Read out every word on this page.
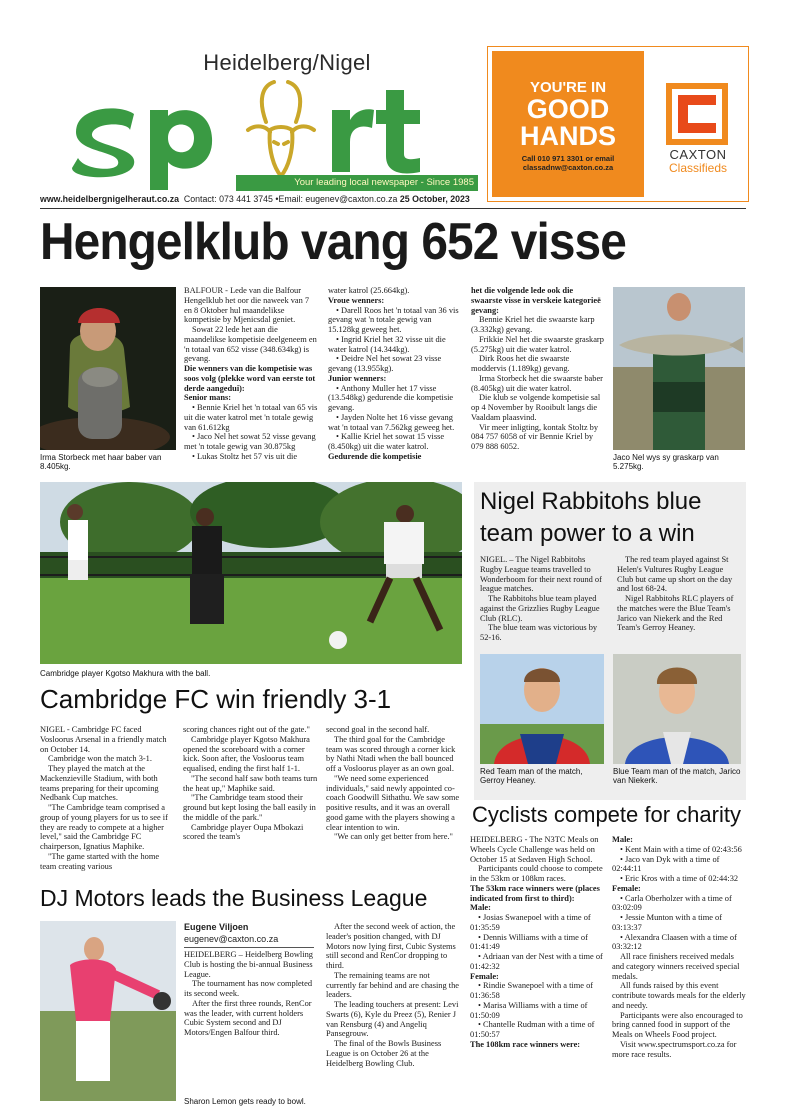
Heidelberg/Nigel
Your leading local newspaper - Since 1985
www.heidelbergnigelheraut.co.za Contact: 073 441 3745 •Email: eugenev@caxton.co.za 25 October, 2023
YOU'RE IN
GOOD
HANDS
Call 010 971 3301 or email
classadnw@caxton.co.za
CAXTON
Classifieds
Hengelklub vang 652 visse
Irma Storbeck met haar baber van 8.405kg.

BALFOUR - Lede van die Balfour Hengelklub het oor die naweek van 7 en 8 Oktober hul maandelikse kompetisie by Mjenicsdal geniet.

Sowat 22 lede het aan die maandelikse kompetisie deelgeneem en 'n totaal van 652 visse (348.634kg) is gevang.

Die wenners van die kompetisie was soos volg (plekke word van eerste tot derde aangedui):

Senior mans:

• Bennie Kriel het 'n totaal van 65 vis uit die water katrol met 'n totale gewig van 61.612kg

• Jaco Nel het sowat 52 visse gevang met 'n totale gewig van 30.875kg

• Lukas Stoltz het 57 vis uit die

water katrol (25.664kg).

Vroue wenners:

• Darell Roos het 'n totaal van 36 vis gevang wat 'n totale gewig van 15.128kg geweeg het.

• Ingrid Kriel het 32 visse uit die water katrol (14.344kg).

• Deidre Nel het sowat 23 visse gevang (13.955kg).

Junior wenners:

• Anthony Muller het 17 visse (13.548kg) gedurende die kompetisie gevang.

• Jayden Nolte het 16 visse gevang wat 'n totaal van 7.562kg geweeg het.

• Kallie Kriel het sowat 15 visse (8.450kg) uit die water katrol.

Gedurende die kompetisie

het die volgende lede ook die swaarste visse in verskeie kategorieë gevang:

Bennie Kriel het die swaarste karp (3.332kg) gevang.

Frikkie Nel het die swaarste graskarp (5.275kg) uit die water katrol.

Dirk Roos het die swaarste moddervis (1.189kg) gevang.

Irma Storbeck het die swaarste baber (8.405kg) uit die water katrol.

Die klub se volgende kompetisie sal op 4 November by Rooibult langs die Vaaldam plaasvind.

Vir meer inligting, kontak Stoltz by 084 757 6058 of vir Bennie Kriel by 079 888 6052.

Jaco Nel wys sy graskarp van 5.275kg.
Cambridge player Kgotso Makhura with the ball.
Cambridge FC win friendly 3-1

NIGEL - Cambridge FC faced Vosloorus Arsenal in a friendly match on October 14.

Cambridge won the match 3-1.

They played the match at the Mackenzieville Stadium, with both teams preparing for their upcoming Nedbank Cup matches.

"The Cambridge team comprised a group of young players for us to see if they are ready to compete at a higher level," said the Cambridge FC chairperson, Ignatius Maphike.

"The game started with the home team creating various

scoring chances right out of the gate."

Cambridge player Kgotso Makhura opened the scoreboard with a corner kick. Soon after, the Vosloorus team equalised, ending the first half 1-1.

"The second half saw both teams turn the heat up," Maphike said.

"The Cambridge team stood their ground but kept losing the ball easily in the middle of the park."

Cambridge player Oupa Mbokazi scored the team's

second goal in the second half.

The third goal for the Cambridge team was scored through a corner kick by Nathi Ntadi when the ball bounced off a Vosloorus player as an own goal.

"We need some experienced individuals," said newly appointed co-coach Goodwill Sithathu. We saw some positive results, and it was an overall good game with the players showing a clear intention to win.

"We can only get better from here."

Nigel Rabbitohs blue
team power to a win

NIGEL. – The Nigel Rabbitohs Rugby League teams travelled to Wonderboom for their next round of league matches.

The Rabbitohs blue team played against the Grizzlies Rugby League Club (RLC).

The blue team was victorious by 52-16.

The red team played against St Helen's Vultures Rugby League Club but came up short on the day and lost 68-24.

Nigel Rabbitohs RLC players of the matches were the Blue Team's Jarico van Niekerk and the Red Team's Gerroy Heaney.

Red Team man of the match, Gerroy Heaney.
Blue Team man of the match, Jarico van Niekerk.
Cyclists compete for charity

HEIDELBERG - The N3TC Meals on Wheels Cycle Challenge was held on October 15 at Sedaven High School.

Participants could choose to compete in the 53km or 108km races.

The 53km race winners were (places indicated from first to third):

Male:

• Josias Swanepoel with a time of 01:35:59

• Dennis Williams with a time of 01:41:49

• Adriaan van der Nest with a time of 01:42:32

Female:

• Rindie Swanepoel with a time of 01:36:58

• Marisa Williams with a time of 01:50:09

• Chantelle Rudman with a time of 01:50:57

The 108km race winners were:

Male:

• Kent Main with a time of 02:43:56

• Jaco van Dyk with a time of 02:44:11

• Eric Kros with a time of 02:44:32

Female:

• Carla Oberholzer with a time of 03:02:09

• Jessie Munton with a time of 03:13:37

• Alexandra Claasen with a time of 03:32:12

All race finishers received medals and category winners received special medals.

All funds raised by this event contribute towards meals for the elderly and needy.

Participants were also encouraged to bring canned food in support of the Meals on Wheels Food project.

Visit www.spectrumsport.co.za for more race results.

DJ Motors leads the Business League
Sharon Lemon gets ready to bowl.
Eugene Viljoen
eugenev@caxton.co.za

HEIDELBERG – Heidelberg Bowling Club is hosting the bi-annual Business League.

The tournament has now completed its second week.

After the first three rounds, RenCor was the leader, with current holders Cubic System second and DJ Motors/Engen Balfour third.

After the second week of action, the leader's position changed, with DJ Motors now lying first, Cubic Systems still second and RenCor dropping to third.

The remaining teams are not currently far behind and are chasing the leaders.

The leading touchers at present: Levi Swarts (6), Kyle du Preez (5), Renier J van Rensburg (4) and Angeliq Pansegrouw.

The final of the Bowls Business League is on October 26 at the Heidelberg Bowling Club.
